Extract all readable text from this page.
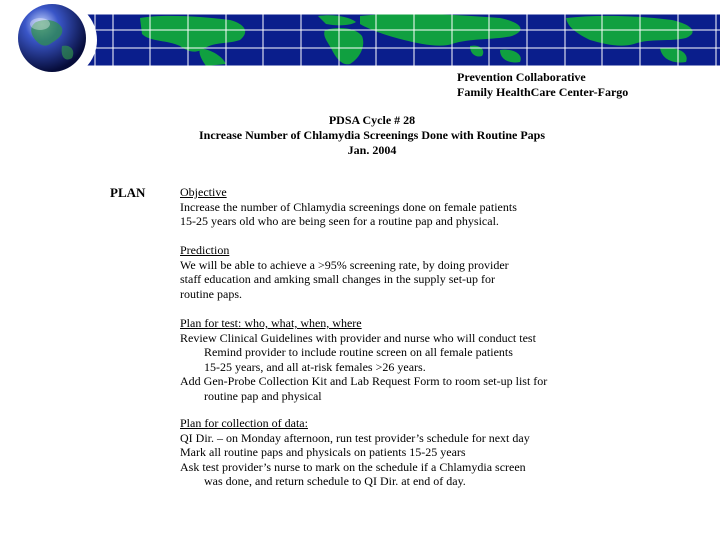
Prevention Collaborative
Family HealthCare Center-Fargo
PDSA Cycle # 28
Increase Number of Chlamydia Screenings Done with Routine Paps
Jan. 2004
PLAN	Objective
Increase the number of Chlamydia screenings done on female patients
15-25 years old who are being seen for a routine pap and physical.
Prediction
We will be able to achieve a >95% screening rate, by doing provider
staff education and amking small changes in the supply set-up for
routine paps.
Plan for test: who, what, when, where
Review Clinical Guidelines with provider and nurse who will conduct test
Remind provider to include routine screen on all female patients
15-25 years, and all at-risk females >26 years.
Add Gen-Probe Collection Kit and Lab Request Form to room set-up list for
routine pap and physical
Plan for collection of data:
QI Dir. – on Monday afternoon, run test provider’s schedule for next day
Mark all routine paps and physicals on patients 15-25 years
Ask test provider’s nurse to mark on the schedule if a Chlamydia screen
was done, and return schedule to QI Dir. at end of day.
